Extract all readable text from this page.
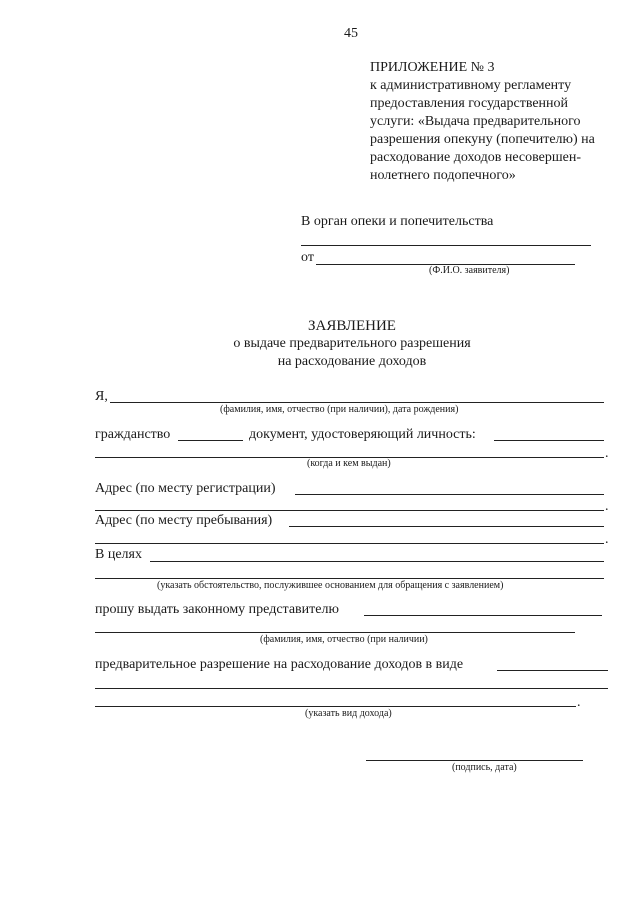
45
ПРИЛОЖЕНИЕ № 3
к административному регламенту
предоставления государственной
услуги: «Выдача предварительного
разрешения опекуну (попечителю) на
расходование доходов несовершен-
нолетнего подопечного»
В орган опеки и попечительства
от
(Ф.И.О. заявителя)
ЗАЯВЛЕНИЕ
о выдаче предварительного разрешения
на расходование доходов
Я,
(фамилия, имя, отчество (при наличии), дата рождения)
гражданство	документ, удостоверяющий личность:
.
(когда и кем выдан)
Адрес (по месту регистрации)
.
Адрес (по месту пребывания)
.
В целях
(указать обстоятельство, послужившее основанием для обращения с заявлением)
прошу выдать законному представителю
(фамилия, имя, отчество (при наличии)
предварительное разрешение на расходование доходов в виде
.
(указать вид дохода)
(подпись, дата)
